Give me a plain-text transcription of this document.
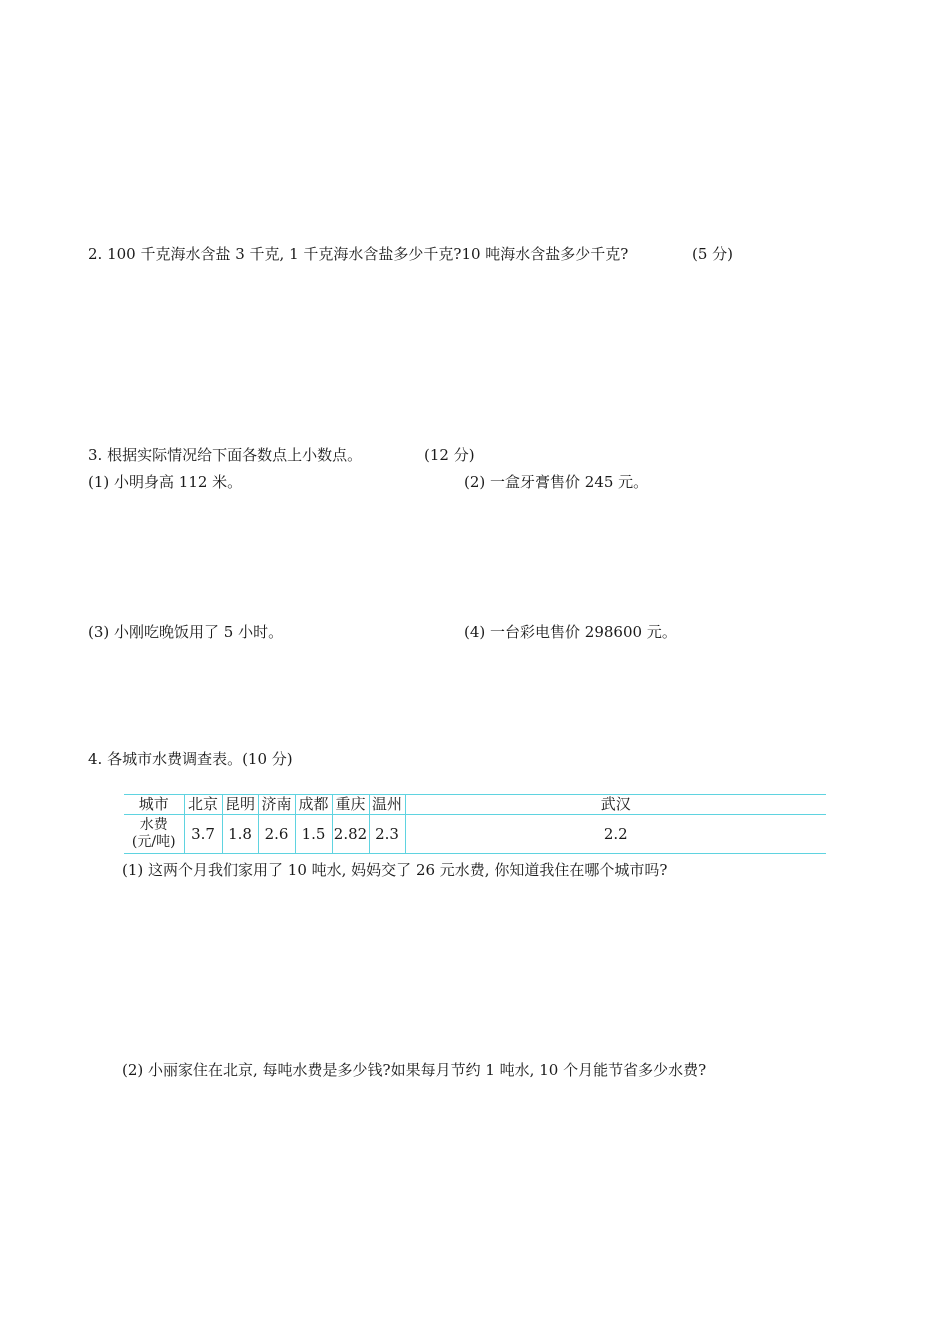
2. 100 千克海水含盐 3 千克, 1 千克海水含盐多少千克?10 吨海水含盐多少千克?	(5 分)
3. 根据实际情况给下面各数点上小数点。	(12 分)
(1) 小明身高 112 米。	(2) 一盒牙膏售价 245 元。
(3) 小刚吃晚饭用了 5 小时。	(4) 一台彩电售价 298600 元。
4. 各城市水费调查表。(10 分)
城市	北京	昆明	济南	成都	重庆	温州	武汉

水费
(元/吨)	3.7	1.8	2.6	1.5	2.82	2.3	2.2
(1) 这两个月我们家用了 10 吨水, 妈妈交了 26 元水费, 你知道我住在哪个城市吗?
(2) 小丽家住在北京, 每吨水费是多少钱?如果每月节约 1 吨水, 10 个月能节省多少水费?
